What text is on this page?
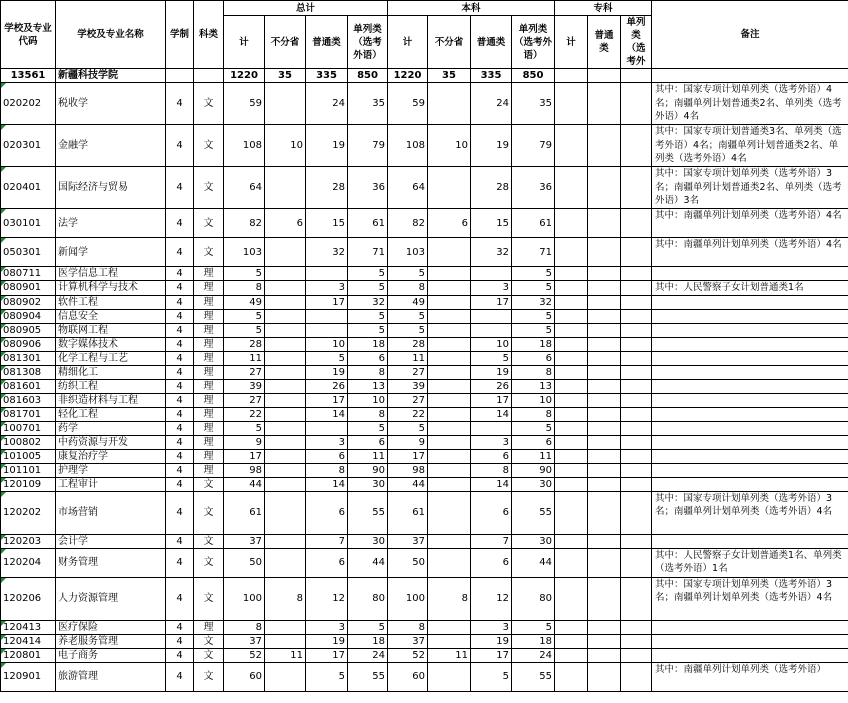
学校及专业代码	学校及专业名称	学制	科类	总计				本科				专科			备注
				计	不分省	普通类	单列类（选考外语）	计	不分省	普通类	单列类（选考外语）	计	普通类	单列类（选考外	

13561	新疆科技学院			1220	35	335	850	1220	35	335	850				
020202	税收学	4	文	59		24	35	59		24	35				其中：国家专项计划单列类（选考外语）4名；南疆单列计划普通类2名、单列类（选考外语）4名
020301	金融学	4	文	108	10	19	79	108	10	19	79				其中：国家专项计划普通类3名、单列类（选考外语）4名；南疆单列计划普通类2名、单列类（选考外语）4名
020401	国际经济与贸易	4	文	64		28	36	64		28	36				其中：国家专项计划单列类（选考外语）3名；南疆单列计划普通类2名、单列类（选考外语）3名
030101	法学	4	文	82	6	15	61	82	6	15	61				其中：南疆单列计划单列类（选考外语）4名
050301	新闻学	4	文	103		32	71	103		32	71				其中：南疆单列计划单列类（选考外语）4名
080711	医学信息工程	4	理	5			5	5			5				
080901	计算机科学与技术	4	理	8		3	5	8		3	5				其中：人民警察子女计划普通类1名
080902	软件工程	4	理	49		17	32	49		17	32				
080904	信息安全	4	理	5			5	5			5				
080905	物联网工程	4	理	5			5	5			5				
080906	数字媒体技术	4	理	28		10	18	28		10	18				
081301	化学工程与工艺	4	理	11		5	6	11		5	6				
081308	精细化工	4	理	27		19	8	27		19	8				
081601	纺织工程	4	理	39		26	13	39		26	13				
081603	非织造材料与工程	4	理	27		17	10	27		17	10				
081701	轻化工程	4	理	22		14	8	22		14	8				
100701	药学	4	理	5			5	5			5				
100802	中药资源与开发	4	理	9		3	6	9		3	6				
101005	康复治疗学	4	理	17		6	11	17		6	11				
101101	护理学	4	理	98		8	90	98		8	90				
120109	工程审计	4	文	44		14	30	44		14	30				
120202	市场营销	4	文	61		6	55	61		6	55				其中：国家专项计划单列类（选考外语）3名；南疆单列计划单列类（选考外语）4名
120203	会计学	4	文	37		7	30	37		7	30				
120204	财务管理	4	文	50		6	44	50		6	44				其中：人民警察子女计划普通类1名、单列类（选考外语）1名
120206	人力资源管理	4	文	100	8	12	80	100	8	12	80				其中：国家专项计划单列类（选考外语）3名；南疆单列计划单列类（选考外语）4名
120413	医疗保险	4	理	8		3	5	8		3	5				
120414	养老服务管理	4	文	37		19	18	37		19	18				
120801	电子商务	4	文	52	11	17	24	52	11	17	24				
120901	旅游管理	4	文	60		5	55	60		5	55				其中：南疆单列计划单列类（选考外语）
